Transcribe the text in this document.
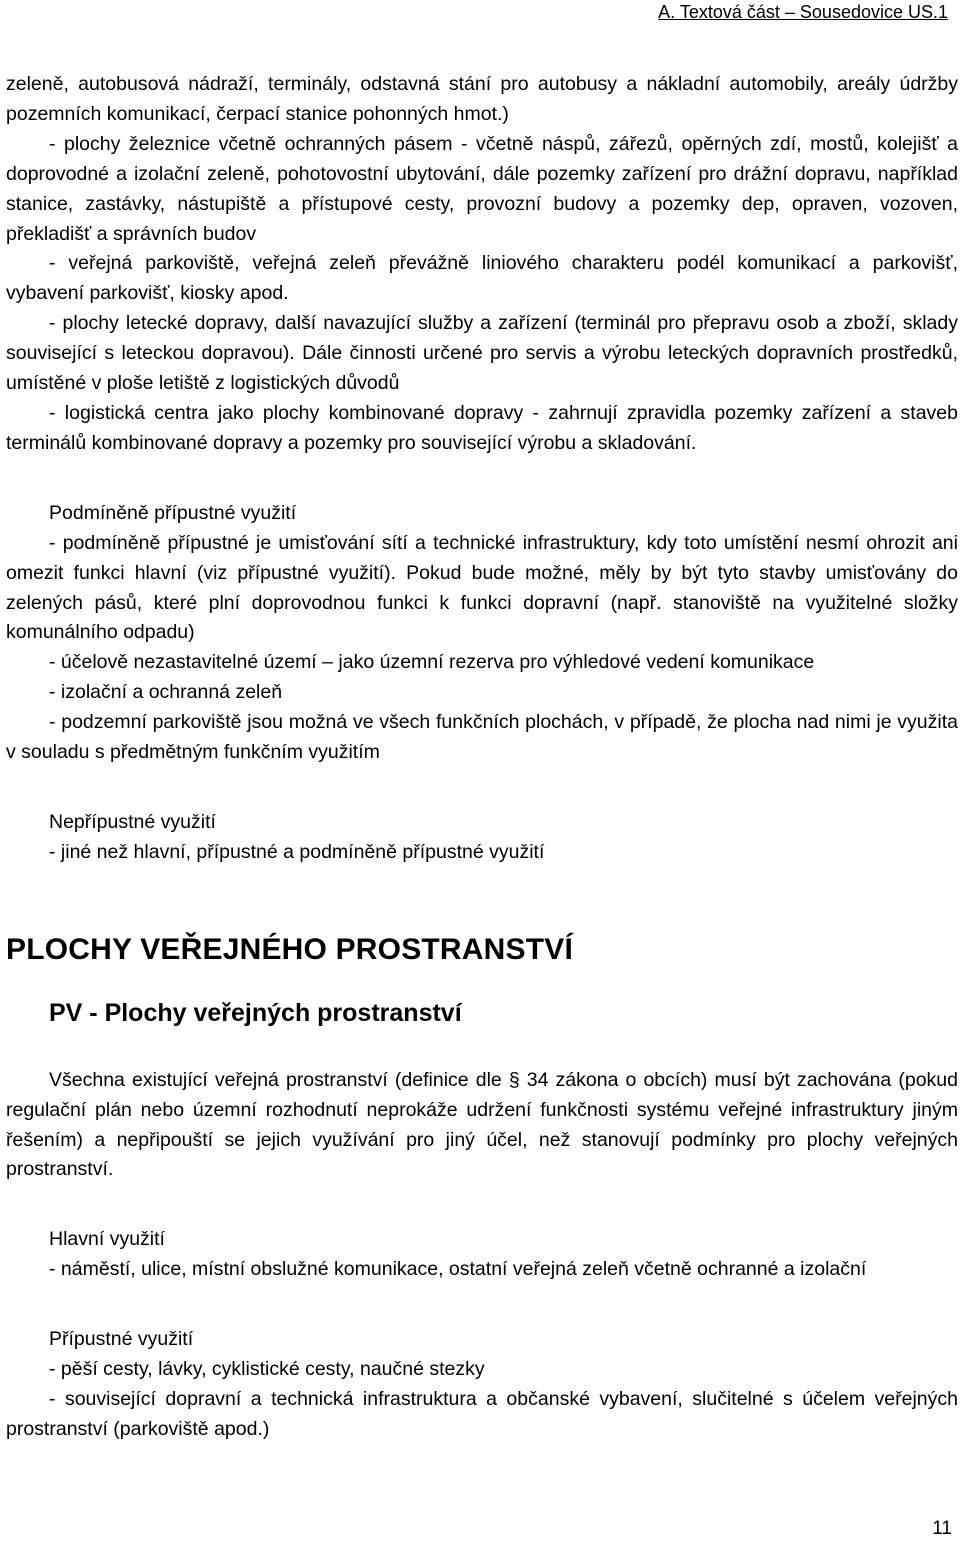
A. Textová část – Sousedovice US.1

zeleně, autobusová nádraží, terminály, odstavná stání pro autobusy a nákladní automobily, areály údržby pozemních komunikací, čerpací stanice pohonných hmot.)

- plochy železnice včetně ochranných pásem - včetně náspů, zářezů, opěrných zdí, mostů, kolejišť a doprovodné a izolační zeleně, pohotovostní ubytování, dále pozemky zařízení pro drážní dopravu, například stanice, zastávky, nástupiště a přístupové cesty, provozní budovy a pozemky dep, opraven, vozoven, překladišť a správních budov

- veřejná parkoviště, veřejná zeleň převážně liniového charakteru podél komunikací a parkovišť, vybavení parkovišť, kiosky apod.

- plochy letecké dopravy, další navazující služby a zařízení (terminál pro přepravu osob a zboží, sklady související s leteckou dopravou). Dále činnosti určené pro servis a výrobu leteckých dopravních prostředků, umístěné v ploše letiště z logistických důvodů

- logistická centra jako plochy kombinované dopravy - zahrnují zpravidla pozemky zařízení a staveb terminálů kombinované dopravy a pozemky pro související výrobu a skladování.

Podmíněně přípustné využití

- podmíněně přípustné je umisťování sítí a technické infrastruktury, kdy toto umístění nesmí ohrozit ani omezit funkci hlavní (viz přípustné využití). Pokud bude možné, měly by být tyto stavby umisťovány do zelených pásů, které plní doprovodnou funkci k funkci dopravní (např. stanoviště na využitelné složky komunálního odpadu)

- účelově nezastavitelné území – jako územní rezerva pro výhledové vedení komunikace

- izolační a ochranná zeleň

- podzemní parkoviště jsou možná ve všech funkčních plochách, v případě, že plocha nad nimi je využita v souladu s předmětným funkčním využitím

Nepřípustné využití

- jiné než hlavní, přípustné a podmíněně přípustné využití

PLOCHY VEŘEJNÉHO PROSTRANSTVÍ
PV - Plochy veřejných prostranství

Všechna existující veřejná prostranství (definice dle § 34 zákona o obcích) musí být zachována (pokud regulační plán nebo územní rozhodnutí neprokáže udržení funkčnosti systému veřejné infrastruktury jiným řešením) a nepřipouští se jejich využívání pro jiný účel, než stanovují podmínky pro plochy veřejných prostranství.

Hlavní využití

- náměstí, ulice, místní obslužné komunikace, ostatní veřejná zeleň včetně ochranné a izolační

Přípustné využití

- pěší cesty, lávky, cyklistické cesty, naučné stezky

- související dopravní a technická infrastruktura a občanské vybavení, slučitelné s účelem veřejných prostranství (parkoviště apod.)

11
